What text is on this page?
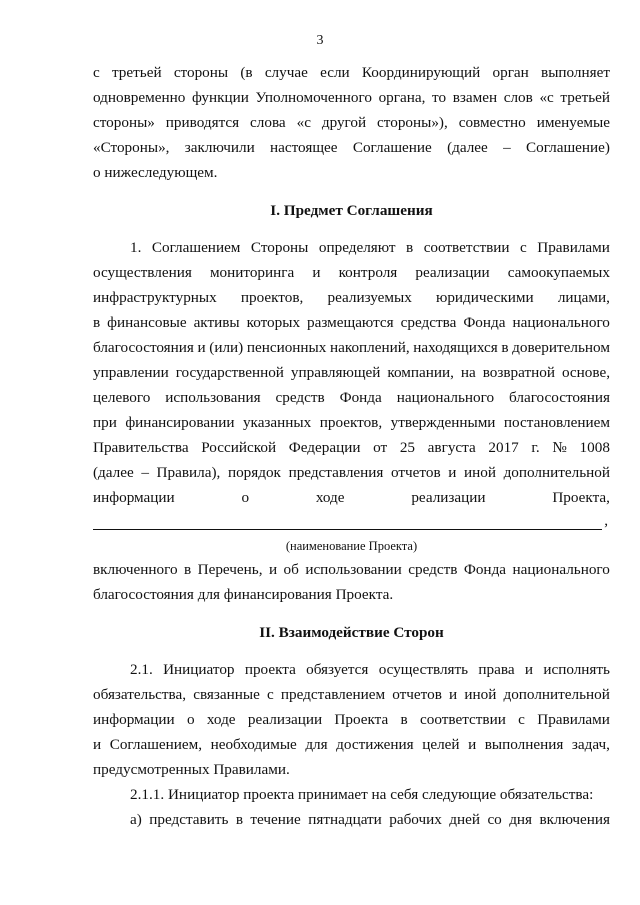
3
с третьей стороны (в случае если Координирующий орган выполняет
одновременно функции Уполномоченного органа, то взамен слов «с третьей
стороны» приводятся слова «с другой стороны»), совместно именуемые
«Стороны», заключили настоящее Соглашение (далее – Соглашение)
о нижеследующем.
I. Предмет Соглашения
1. Соглашением Стороны определяют в соответствии с Правилами
осуществления мониторинга и контроля реализации самоокупаемых
инфраструктурных проектов, реализуемых юридическими лицами,
в финансовые активы которых размещаются средства Фонда национального
благосостояния и (или) пенсионных накоплений, находящихся в доверительном
управлении государственной управляющей компании, на возвратной основе,
целевого использования средств Фонда национального благосостояния
при финансировании указанных проектов, утвержденными постановлением
Правительства Российской Федерации от 25 августа 2017 г. № 1008
(далее – Правила), порядок представления отчетов и иной дополнительной
информации	о	ходе	реализации	Проекта,
,
(наименование Проекта)
включенного в Перечень, и об использовании средств Фонда национального
благосостояния для финансирования Проекта.
II. Взаимодействие Сторон
2.1. Инициатор проекта обязуется осуществлять права и исполнять
обязательства, связанные с представлением отчетов и иной дополнительной
информации о ходе реализации Проекта в соответствии с Правилами
и Соглашением, необходимые для достижения целей и выполнения задач,
предусмотренных Правилами.
2.1.1. Инициатор проекта принимает на себя следующие обязательства:
а) представить в течение пятнадцати рабочих дней со дня включения
